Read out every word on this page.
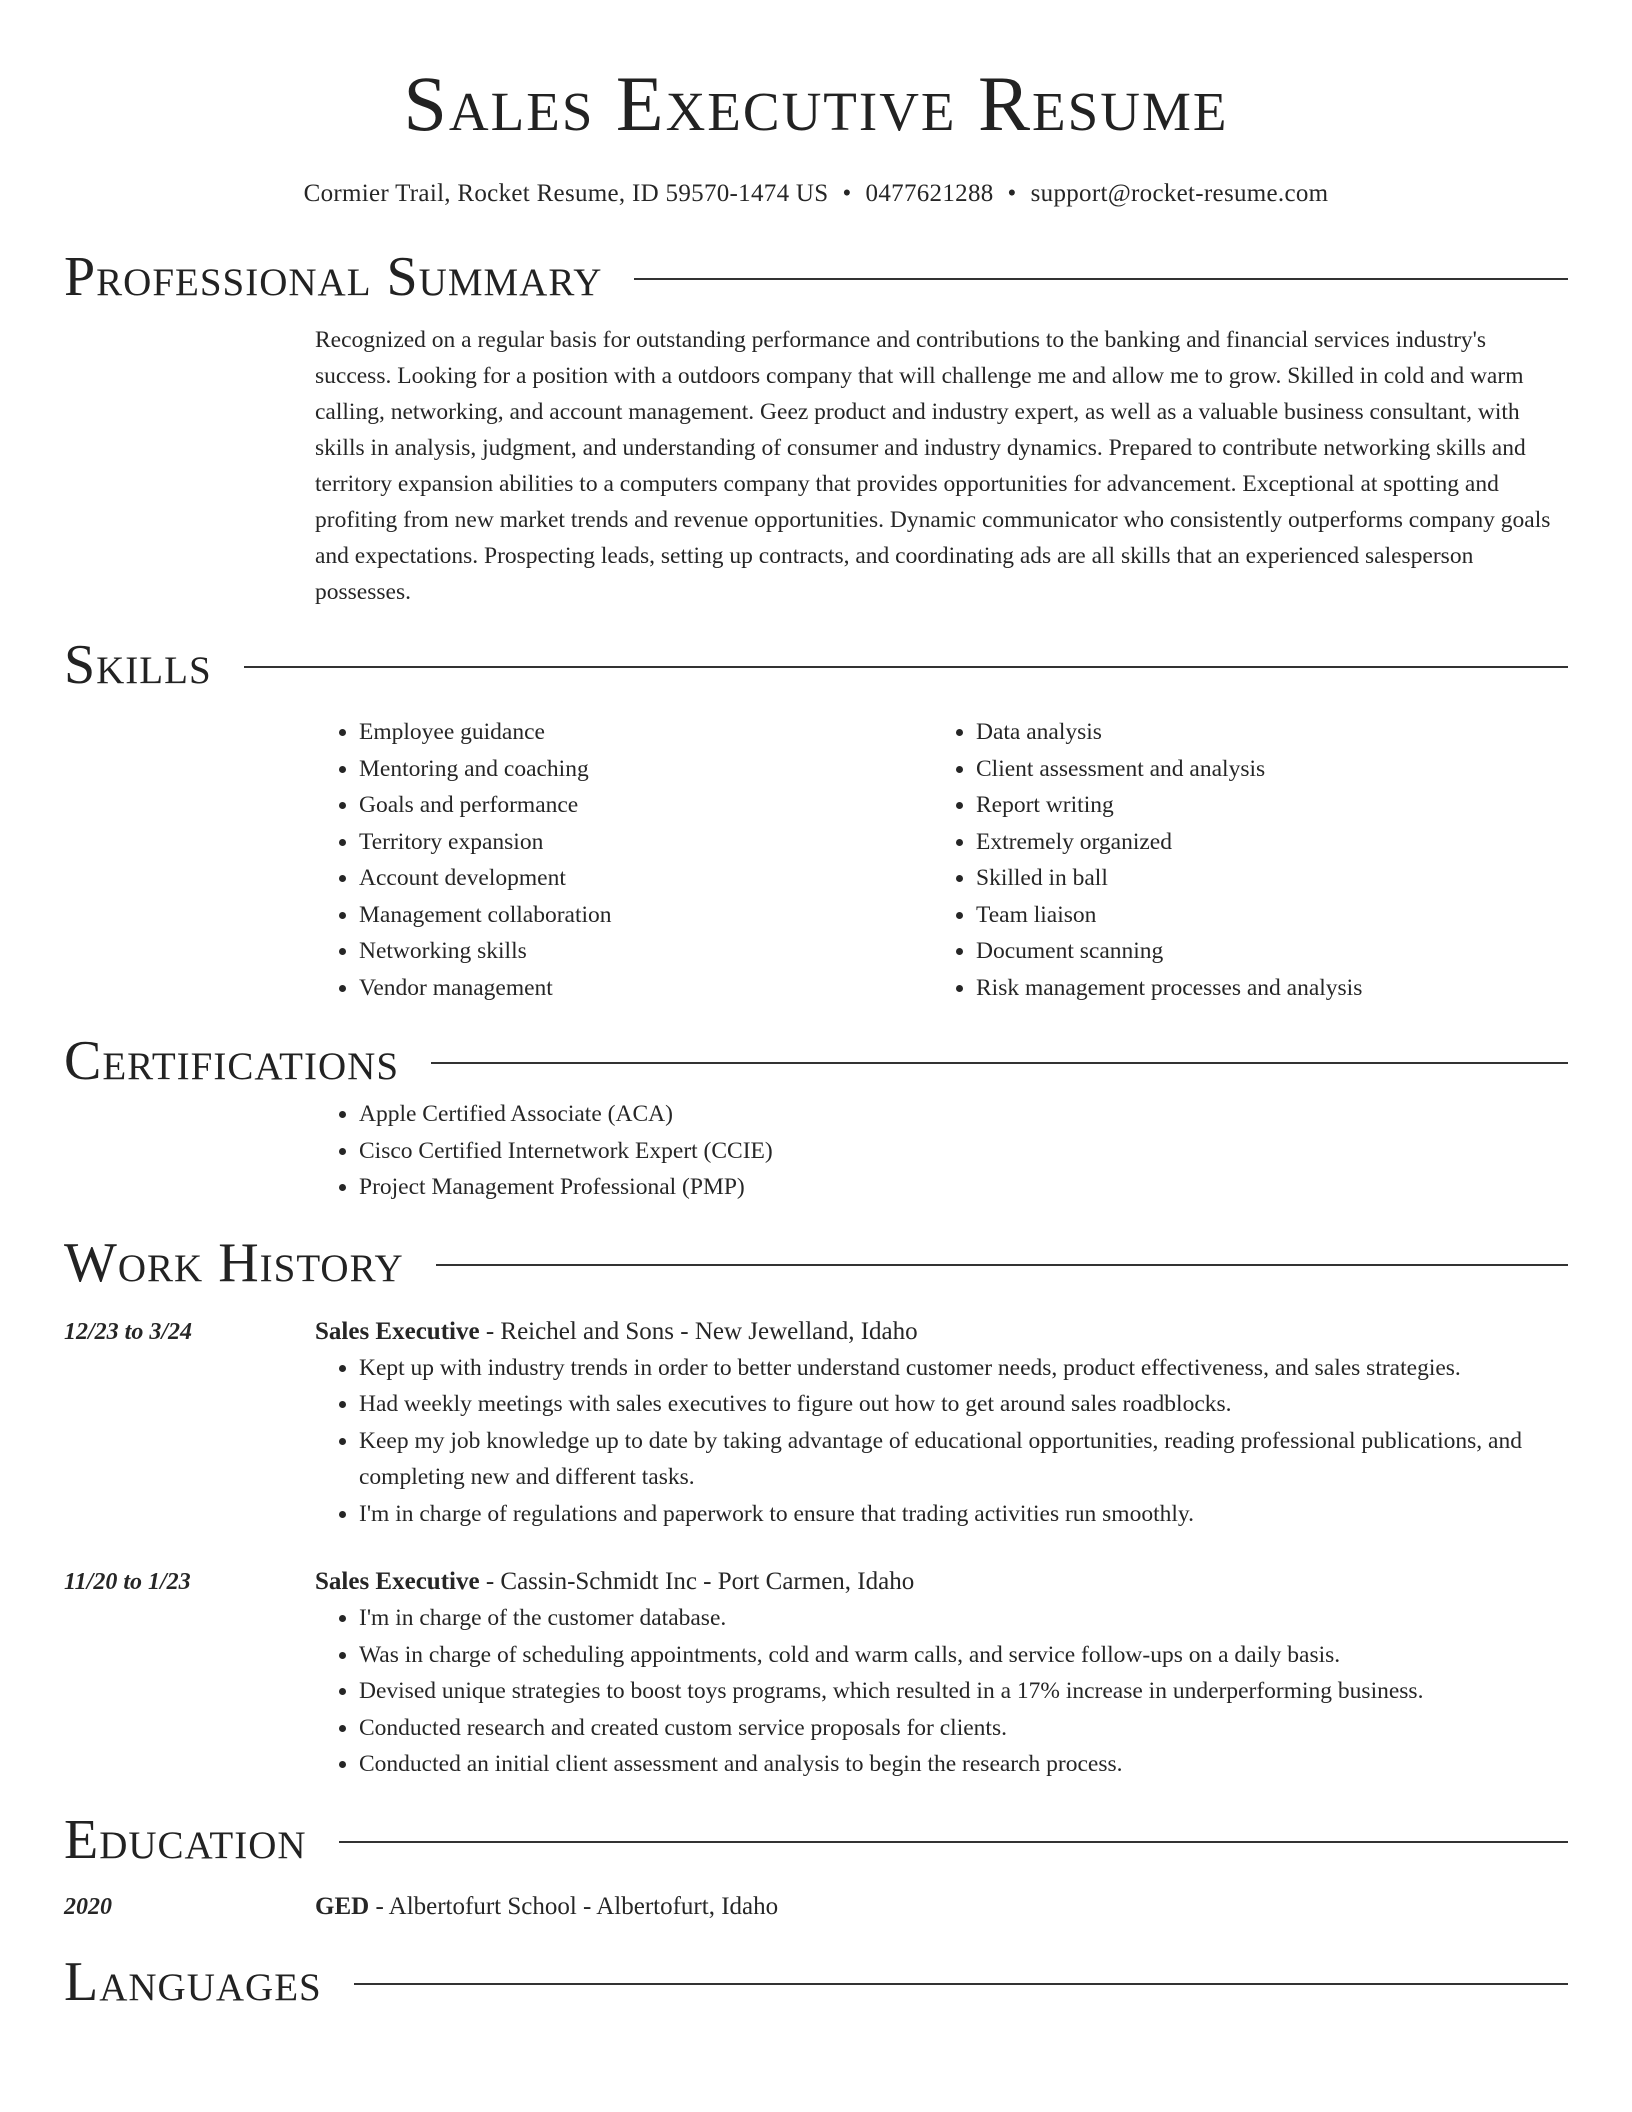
Sales Executive Resume
Cormier Trail, Rocket Resume, ID 59570-1474 US • 0477621288 • support@rocket-resume.com
Professional Summary

Recognized on a regular basis for outstanding performance and contributions to the banking and financial services industry's success. Looking for a position with a outdoors company that will challenge me and allow me to grow. Skilled in cold and warm calling, networking, and account management. Geez product and industry expert, as well as a valuable business consultant, with skills in analysis, judgment, and understanding of consumer and industry dynamics. Prepared to contribute networking skills and territory expansion abilities to a computers company that provides opportunities for advancement. Exceptional at spotting and profiting from new market trends and revenue opportunities. Dynamic communicator who consistently outperforms company goals and expectations. Prospecting leads, setting up contracts, and coordinating ads are all skills that an experienced salesperson possesses.

Skills
• Employee guidance
• Mentoring and coaching
• Goals and performance
• Territory expansion
• Account development
• Management collaboration
• Networking skills
• Vendor management
• Data analysis
• Client assessment and analysis
• Report writing
• Extremely organized
• Skilled in ball
• Team liaison
• Document scanning
• Risk management processes and analysis
Certifications
• Apple Certified Associate (ACA)
• Cisco Certified Internetwork Expert (CCIE)
• Project Management Professional (PMP)
Work History
12/23 to 3/24	Sales Executive - Reichel and Sons - New Jewelland, Idaho
• Kept up with industry trends in order to better understand customer needs, product effectiveness, and sales strategies.
• Had weekly meetings with sales executives to figure out how to get around sales roadblocks.
• Keep my job knowledge up to date by taking advantage of educational opportunities, reading professional publications, and completing new and different tasks.
• I'm in charge of regulations and paperwork to ensure that trading activities run smoothly.
11/20 to 1/23	Sales Executive - Cassin-Schmidt Inc - Port Carmen, Idaho
• I'm in charge of the customer database.
• Was in charge of scheduling appointments, cold and warm calls, and service follow-ups on a daily basis.
• Devised unique strategies to boost toys programs, which resulted in a 17% increase in underperforming business.
• Conducted research and created custom service proposals for clients.
• Conducted an initial client assessment and analysis to begin the research process.
Education
2020	GED - Albertofurt School - Albertofurt, Idaho
Languages
